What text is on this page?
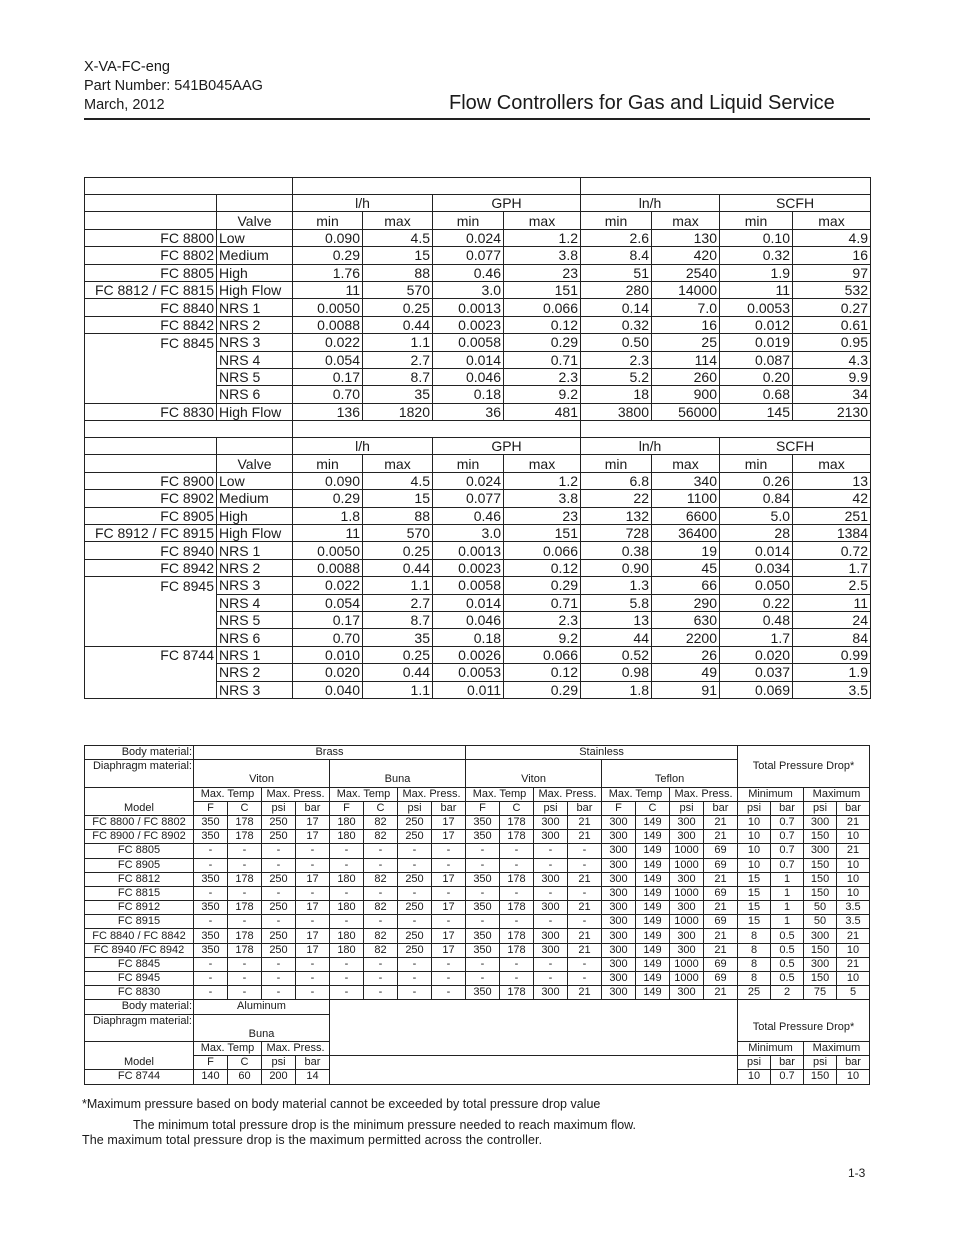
X-VA-FC-eng
Part Number: 541B045AAG
March, 2012	Flow Controllers for Gas and Liquid Service

		l/h		GPH		ln/h		SCFH	
	Valve	min	max	min	max	min	max	min	max
FC 8800	Low	0.090	4.5	0.024	1.2	2.6	130	0.10	4.9
FC 8802	Medium	0.29	15	0.077	3.8	8.4	420	0.32	16
FC 8805	High	1.76	88	0.46	23	51	2540	1.9	97
FC 8812 / FC 8815	High Flow	11	570	3.0	151	280	14000	11	532
FC 8840	NRS 1	0.0050	0.25	0.0013	0.066	0.14	7.0	0.0053	0.27
FC 8842	NRS 2	0.0088	0.44	0.0023	0.12	0.32	16	0.012	0.61
FC 8845	NRS 3	0.022	1.1	0.0058	0.29	0.50	25	0.019	0.95
	NRS 4	0.054	2.7	0.014	0.71	2.3	114	0.087	4.3
	NRS 5	0.17	8.7	0.046	2.3	5.2	260	0.20	9.9
	NRS 6	0.70	35	0.18	9.2	18	900	0.68	34
FC 8830	High Flow	136	1820	36	481	3800	56000	145	2130

		l/h		GPH		ln/h		SCFH	
	Valve	min	max	min	max	min	max	min	max
FC 8900	Low	0.090	4.5	0.024	1.2	6.8	340	0.26	13
FC 8902	Medium	0.29	15	0.077	3.8	22	1100	0.84	42
FC 8905	High	1.8	88	0.46	23	132	6600	5.0	251
FC 8912 / FC 8915	High Flow	11	570	3.0	151	728	36400	28	1384
FC 8940	NRS 1	0.0050	0.25	0.0013	0.066	0.38	19	0.014	0.72
FC 8942	NRS 2	0.0088	0.44	0.0023	0.12	0.90	45	0.034	1.7
FC 8945	NRS 3	0.022	1.1	0.0058	0.29	1.3	66	0.050	2.5
	NRS 4	0.054	2.7	0.014	0.71	5.8	290	0.22	11
	NRS 5	0.17	8.7	0.046	2.3	13	630	0.48	24
	NRS 6	0.70	35	0.18	9.2	44	2200	1.7	84
FC 8744	NRS 1	0.010	0.25	0.0026	0.066	0.52	26	0.020	0.99
	NRS 2	0.020	0.44	0.0053	0.12	0.98	49	0.037	1.9
	NRS 3	0.040	1.1	0.011	0.29	1.8	91	0.069	3.5
Body material:	Brass								Stainless								Total Pressure Drop*			
Diaphragm material:																				
	Viton				Buna				Viton				Teflon							
	Max. Temp		Max. Press.		Max. Temp		Max. Press.		Max. Temp		Max. Press.		Max. Temp		Max. Press.		Minimum		Maximum	
Model	F	C	psi	bar	F	C	psi	bar	F	C	psi	bar	F	C	psi	bar	psi	bar	psi	bar
FC 8800 / FC 8802	350	178	250	17	180	82	250	17	350	178	300	21	300	149	300	21	10	0.7	300	21
FC 8900 / FC 8902	350	178	250	17	180	82	250	17	350	178	300	21	300	149	300	21	10	0.7	150	10
FC 8805	-	-	-	-	-	-	-	-	-	-	-	-	300	149	1000	69	10	0.7	300	21
FC 8905	-	-	-	-	-	-	-	-	-	-	-	-	300	149	1000	69	10	0.7	150	10
FC 8812	350	178	250	17	180	82	250	17	350	178	300	21	300	149	300	21	15	1	150	10
FC 8815	-	-	-	-	-	-	-	-	-	-	-	-	300	149	1000	69	15	1	150	10
FC 8912	350	178	250	17	180	82	250	17	350	178	300	21	300	149	300	21	15	1	50	3.5
FC 8915	-	-	-	-	-	-	-	-	-	-	-	-	300	149	1000	69	15	1	50	3.5
FC 8840 / FC 8842	350	178	250	17	180	82	250	17	350	178	300	21	300	149	300	21	8	0.5	300	21
FC 8940 /FC 8942	350	178	250	17	180	82	250	17	350	178	300	21	300	149	300	21	8	0.5	150	10
FC 8845	-	-	-	-	-	-	-	-	-	-	-	-	300	149	1000	69	8	0.5	300	21
FC 8945	-	-	-	-	-	-	-	-	-	-	-	-	300	149	1000	69	8	0.5	150	10
FC 8830	-	-	-	-	-	-	-	-	350	178	300	21	300	149	300	21	25	2	75	5
Body material:	Aluminum																			
Diaphragm material:																	Total Pressure Drop*			
	Buna																			
	Max. Temp		Max. Press.														Minimum		Maximum	
Model	F	C	psi	bar													psi	bar	psi	bar
FC 8744	140	60	200	14													10	0.7	150	10
*Maximum pressure based on body material cannot be exceeded by total pressure drop value
The minimum total pressure drop is the minimum pressure needed to reach maximum flow.
The maximum total pressure drop is the maximum permitted across the controller.
1-3
